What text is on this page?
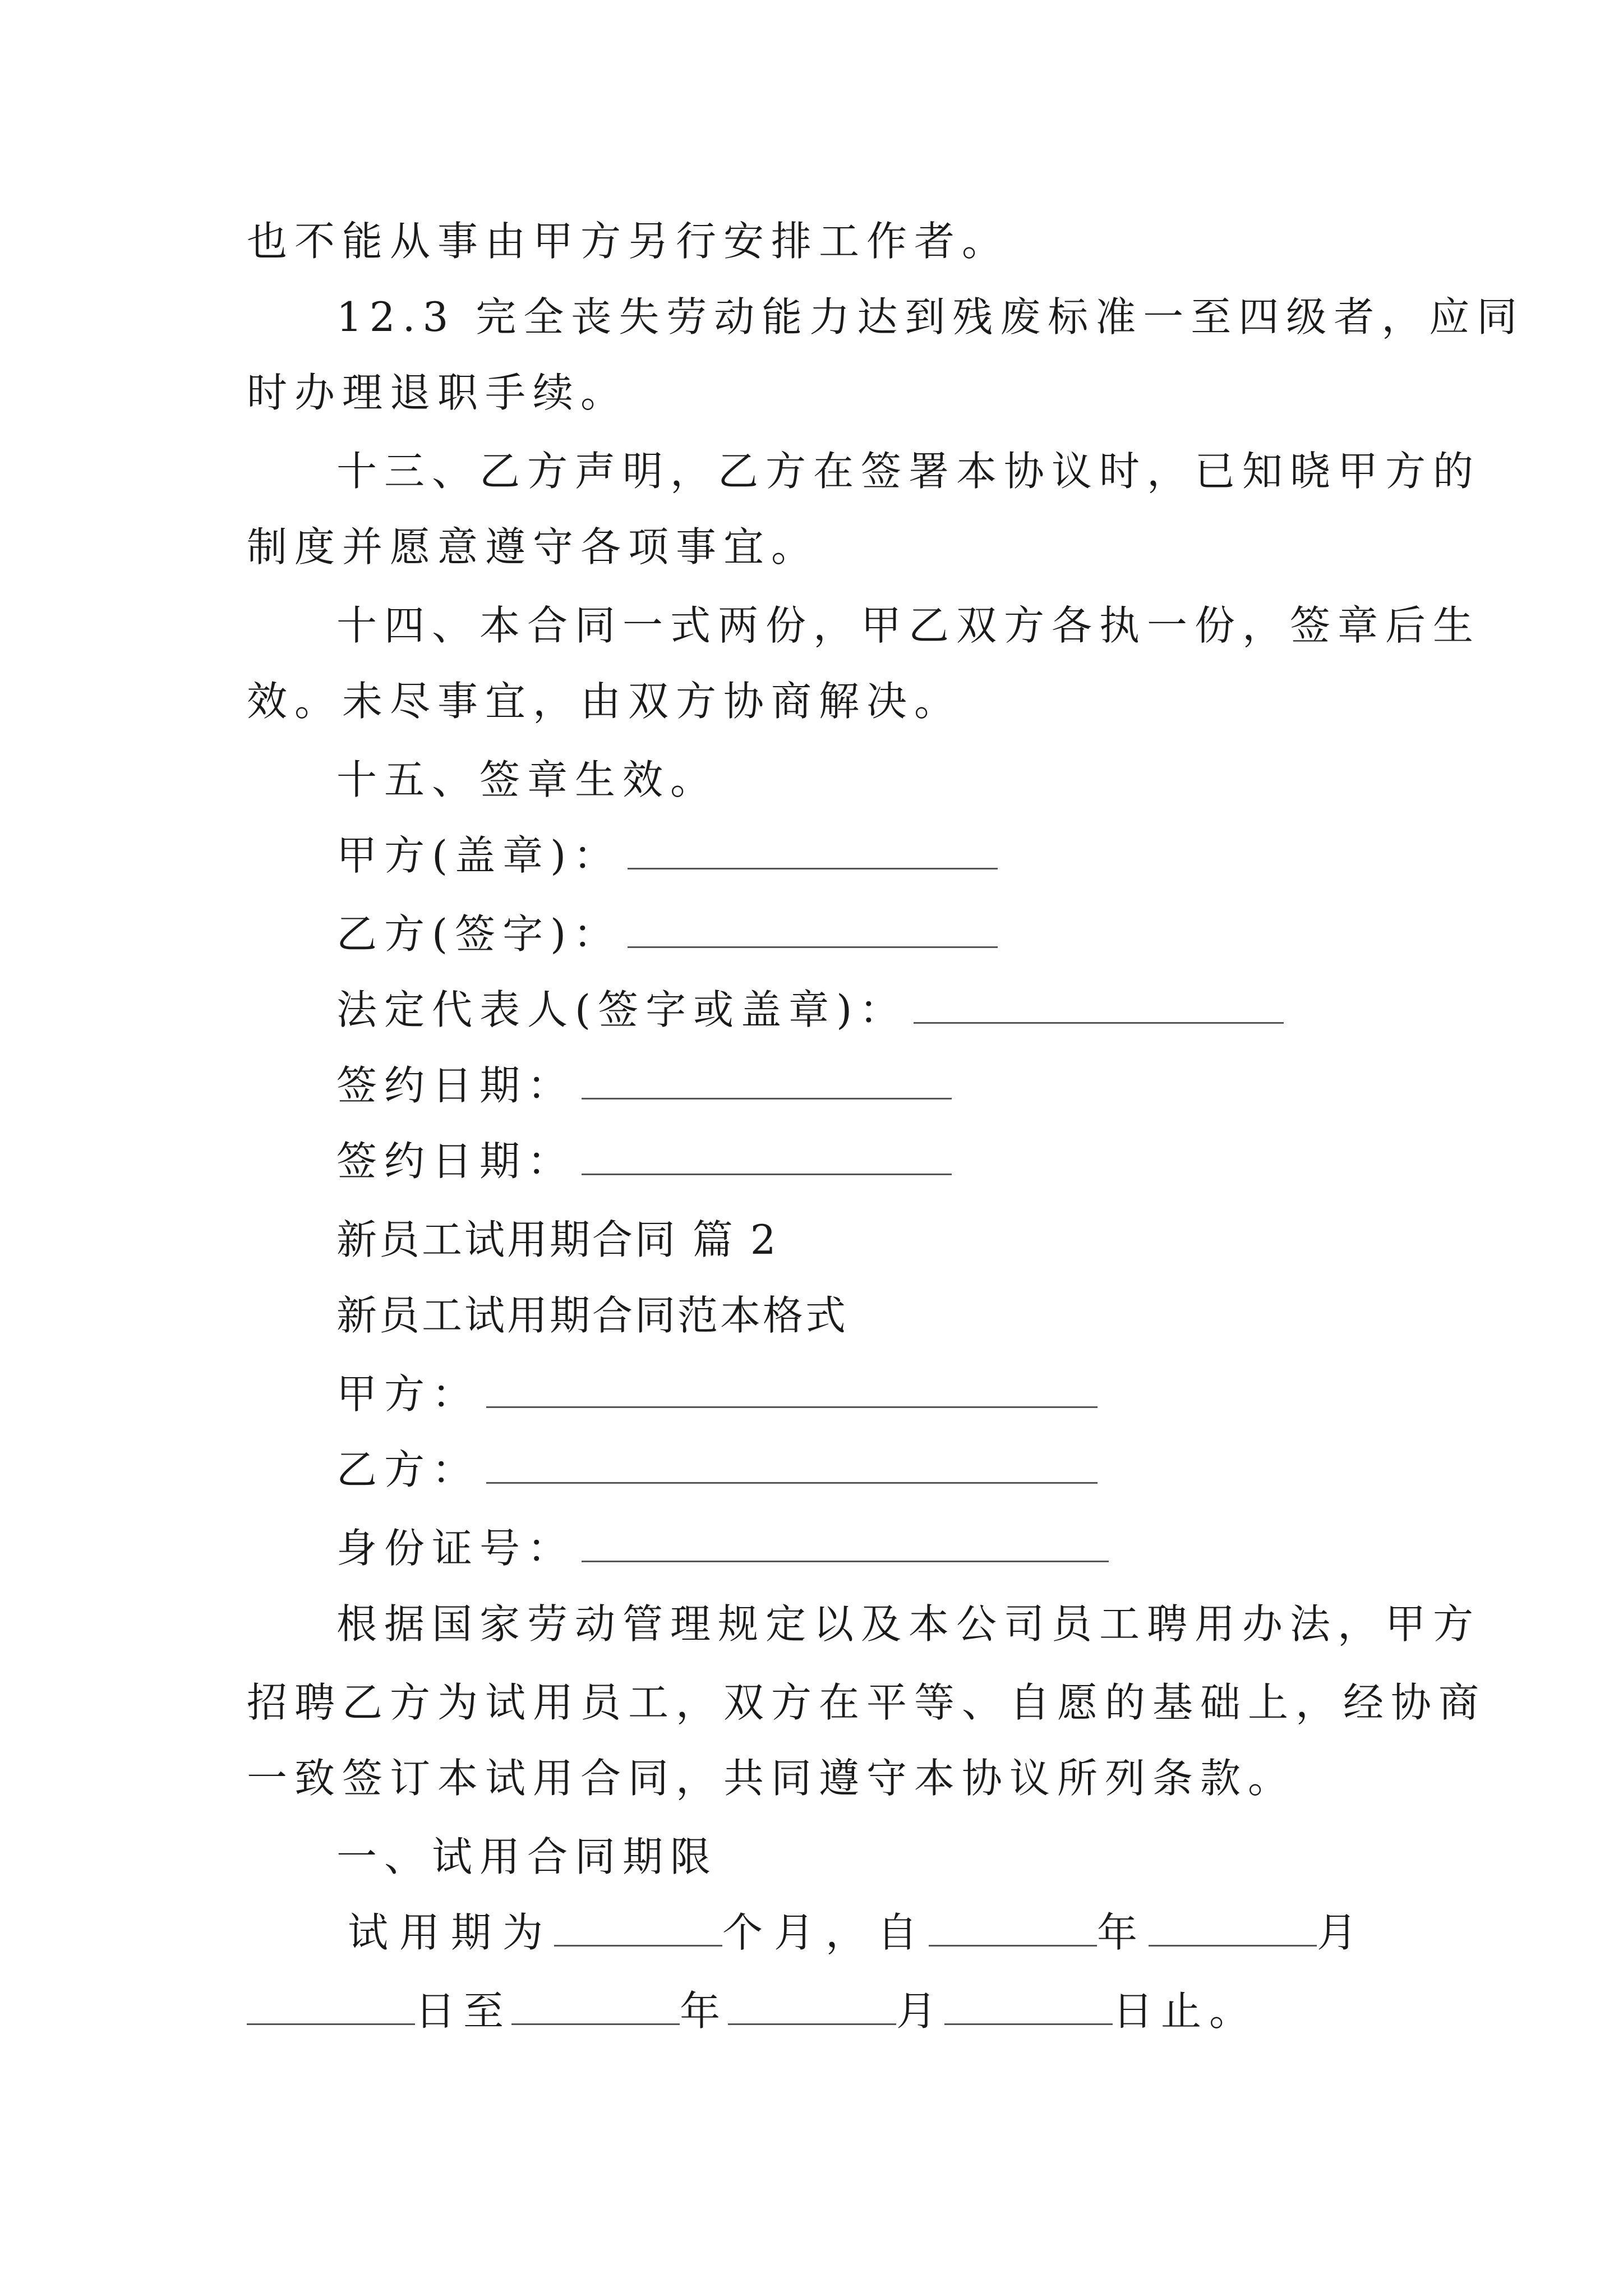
也不能从事由甲方另行安排工作者。
12.3 完全丧失劳动能力达到残废标准一至四级者，应同
时办理退职手续。
十三、乙方声明，乙方在签署本协议时，已知晓甲方的
制度并愿意遵守各项事宜。
十四、本合同一式两份，甲乙双方各执一份，签章后生
效。未尽事宜，由双方协商解决。
十五、签章生效。
甲方(盖章)：
乙方(签字)：
法定代表人(签字或盖章)：
签约日期：
签约日期：
新员工试用期合同 篇 2
新员工试用期合同范本格式
甲方：
乙方：
身份证号：
根据国家劳动管理规定以及本公司员工聘用办法，甲方
招聘乙方为试用员工，双方在平等、自愿的基础上，经协商
一致签订本试用合同，共同遵守本协议所列条款。
一、试用合同期限
试用期为	个月，自	年	月
日至	年	月	日止。
